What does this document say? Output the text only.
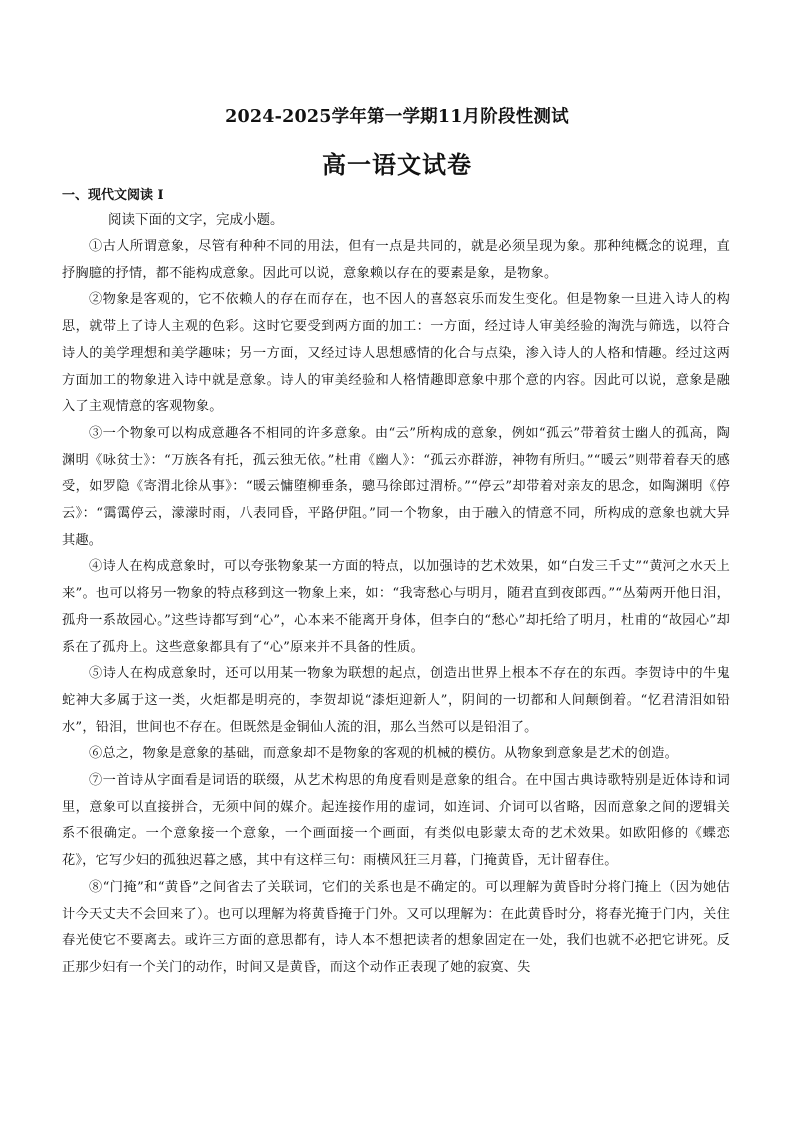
2024-2025学年第一学期11月阶段性测试
高一语文试卷
一、现代文阅读 I
阅读下面的文字，完成小题。

①古人所谓意象，尽管有种种不同的用法，但有一点是共同的，就是必须呈现为象。那种纯概念的说理，直抒胸臆的抒情，都不能构成意象。因此可以说，意象赖以存在的要素是象，是物象。

②物象是客观的，它不依赖人的存在而存在，也不因人的喜怒哀乐而发生变化。但是物象一旦进入诗人的构思，就带上了诗人主观的色彩。这时它要受到两方面的加工：一方面，经过诗人审美经验的淘洗与筛选，以符合诗人的美学理想和美学趣味；另一方面，又经过诗人思想感情的化合与点染，渗入诗人的人格和情趣。经过这两方面加工的物象进入诗中就是意象。诗人的审美经验和人格情趣即意象中那个意的内容。因此可以说，意象是融入了主观情意的客观物象。

③一个物象可以构成意趣各不相同的许多意象。由“云”所构成的意象，例如“孤云”带着贫士幽人的孤高，陶渊明《咏贫士》：“万族各有托，孤云独无依。”杜甫《幽人》：“孤云亦群游，神物有所归。”“暖云”则带着春天的感受，如罗隐《寄渭北徐从事》：“暖云慵堕柳垂条，骢马徐郎过渭桥。”“停云”却带着对亲友的思念，如陶渊明《停云》：“霭霭停云，濛濛时雨，八表同昏，平路伊阻。”同一个物象，由于融入的情意不同，所构成的意象也就大异其趣。

④诗人在构成意象时，可以夸张物象某一方面的特点，以加强诗的艺术效果，如“白发三千丈”“黄河之水天上来”。也可以将另一物象的特点移到这一物象上来，如：“我寄愁心与明月，随君直到夜郎西。”“丛菊两开他日泪，孤舟一系故园心。”这些诗都写到“心”，心本来不能离开身体，但李白的“愁心”却托给了明月，杜甫的“故园心”却系在了孤舟上。这些意象都具有了“心”原来并不具备的性质。

⑤诗人在构成意象时，还可以用某一物象为联想的起点，创造出世界上根本不存在的东西。李贺诗中的牛鬼蛇神大多属于这一类，火炬都是明亮的，李贺却说“漆炬迎新人”，阴间的一切都和人间颠倒着。“忆君清泪如铅水”，铅泪，世间也不存在。但既然是金铜仙人流的泪，那么当然可以是铅泪了。

⑥总之，物象是意象的基础，而意象却不是物象的客观的机械的模仿。从物象到意象是艺术的创造。

⑦一首诗从字面看是词语的联缀，从艺术构思的角度看则是意象的组合。在中国古典诗歌特别是近体诗和词里，意象可以直接拼合，无须中间的媒介。起连接作用的虚词，如连词、介词可以省略，因而意象之间的逻辑关系不很确定。一个意象接一个意象，一个画面接一个画面，有类似电影蒙太奇的艺术效果。如欧阳修的《蝶恋花》，它写少妇的孤独迟暮之感，其中有这样三句：雨横风狂三月暮，门掩黄昏，无计留春住。

⑧“门掩”和“黄昏”之间省去了关联词，它们的关系也是不确定的。可以理解为黄昏时分将门掩上（因为她估计今天丈夫不会回来了）。也可以理解为将黄昏掩于门外。又可以理解为：在此黄昏时分，将春光掩于门内，关住春光使它不要离去。或许三方面的意思都有，诗人本不想把读者的想象固定在一处，我们也就不必把它讲死。反正那少妇有一个关门的动作，时间又是黄昏，而这个动作正表现了她的寂寞、失
